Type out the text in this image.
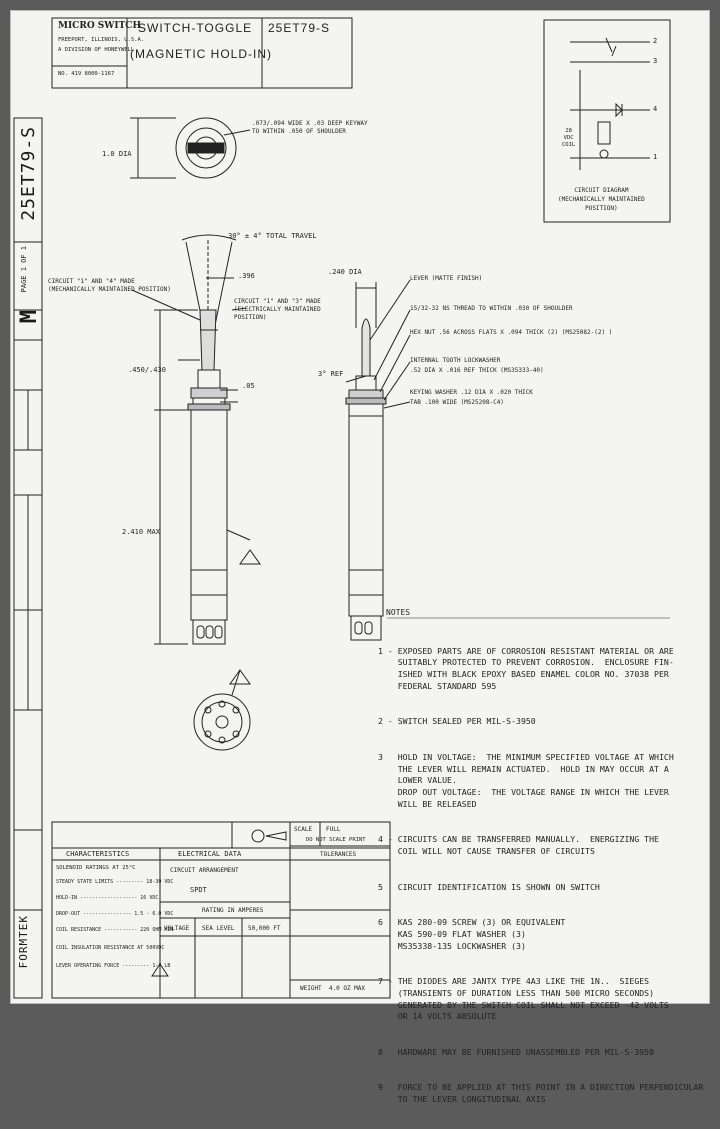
25ET79-S
PAGE 1 OF 1
M
FORMTEK
MICRO SWITCH
FREEPORT, ILLINOIS, U.S.A.
A DIVISION OF HONEYWELL
NO. 419 8000-1167
SWITCH-TOGGLE
(MAGNETIC HOLD-IN)
25ET79-S
1.0 DIA
.073/.094 WIDE X .03 DEEP KEYWAY
TO WITHIN .050 OF SHOULDER
30° ± 4° TOTAL TRAVEL
.396
CIRCUIT "1" AND "4" MADE
(MECHANICALLY MAINTAINED POSITION)
CIRCUIT "1" AND "3" MADE
(ELECTRICALLY MAINTAINED
POSITION)
.450/.430
.05
2.410 MAX
.240 DIA
3° REF
LEVER (MATTE FINISH)
15/32-32 NS THREAD TO WITHIN .030 OF SHOULDER
HEX NUT .56 ACROSS FLATS X .094 THICK (2) (MS25082-(2) )
INTERNAL TOOTH LOCKWASHER
.52 DIA X .016 REF THICK (MS35333-40)
KEYING WASHER .12 DIA X .020 THICK
TAB .100 WIDE (MS25208-C4)
2
3
4
1
28
VDC
COIL
CIRCUIT DIAGRAM
(MECHANICALLY MAINTAINED
POSITION)
NOTES

1 - EXPOSED PARTS ARE OF CORROSION RESISTANT MATERIAL OR ARE
SUITABLY PROTECTED TO PREVENT CORROSION.  ENCLOSURE FIN-
ISHED WITH BLACK EPOXY BASED ENAMEL COLOR NO. 37038 PER
FEDERAL STANDARD 595

2 - SWITCH SEALED PER MIL-S-3950

3   HOLD IN VOLTAGE:  THE MINIMUM SPECIFIED VOLTAGE AT WHICH
THE LEVER WILL REMAIN ACTUATED.  HOLD IN MAY OCCUR AT A
LOWER VALUE.
DROP OUT VOLTAGE:  THE VOLTAGE RANGE IN WHICH THE LEVER
WILL BE RELEASED

4 - CIRCUITS CAN BE TRANSFERRED MANUALLY.  ENERGIZING THE
COIL WILL NOT CAUSE TRANSFER OF CIRCUITS

5   CIRCUIT IDENTIFICATION IS SHOWN ON SWITCH

6   KAS 280-09 SCREW (3) OR EQUIVALENT
KAS 590-09 FLAT WASHER (3)
MS35338-135 LOCKWASHER (3)

7 - THE DIODES ARE JANTX TYPE 4A3 LIKE THE 1N..  SIEGES
(TRANSIENTS OF DURATION LESS THAN 500 MICRO SECONDS)
GENERATED BY THE SWITCH COIL SHALL NOT EXCEED -42 VOLTS
OR 14 VOLTS ABSOLUTE

8   HARDWARE MAY BE FURNISHED UNASSEMBLED PER MIL-S-3950

9   FORCE TO BE APPLIED AT THIS POINT IN A DIRECTION PERPENDICULAR
TO THE LEVER LONGITUDINAL AXIS

CHARACTERISTICS	ELECTRICAL DATA
CIRCUIT ARRANGEMENT
SPDT
RATING IN AMPERES
VOLTAGE SEA LEVEL 50,000 FT
SCALE FULL
DO NOT SCALE PRINT
TOLERANCES
WEIGHT  4.0 OZ MAX
SOLENOID RATINGS AT 25°C
STEADY STATE LIMITS --------- 18-30 VDC
HOLD-IN ------------------- 16 VDC
DROP-OUT ---------------- 1.5 - 6.0 VDC
COIL RESISTANCE ----------- 220 OHM MIN
COIL INSULATION RESISTANCE AT 500VDC
LEVER OPERATING FORCE --------- 1-7 LB
